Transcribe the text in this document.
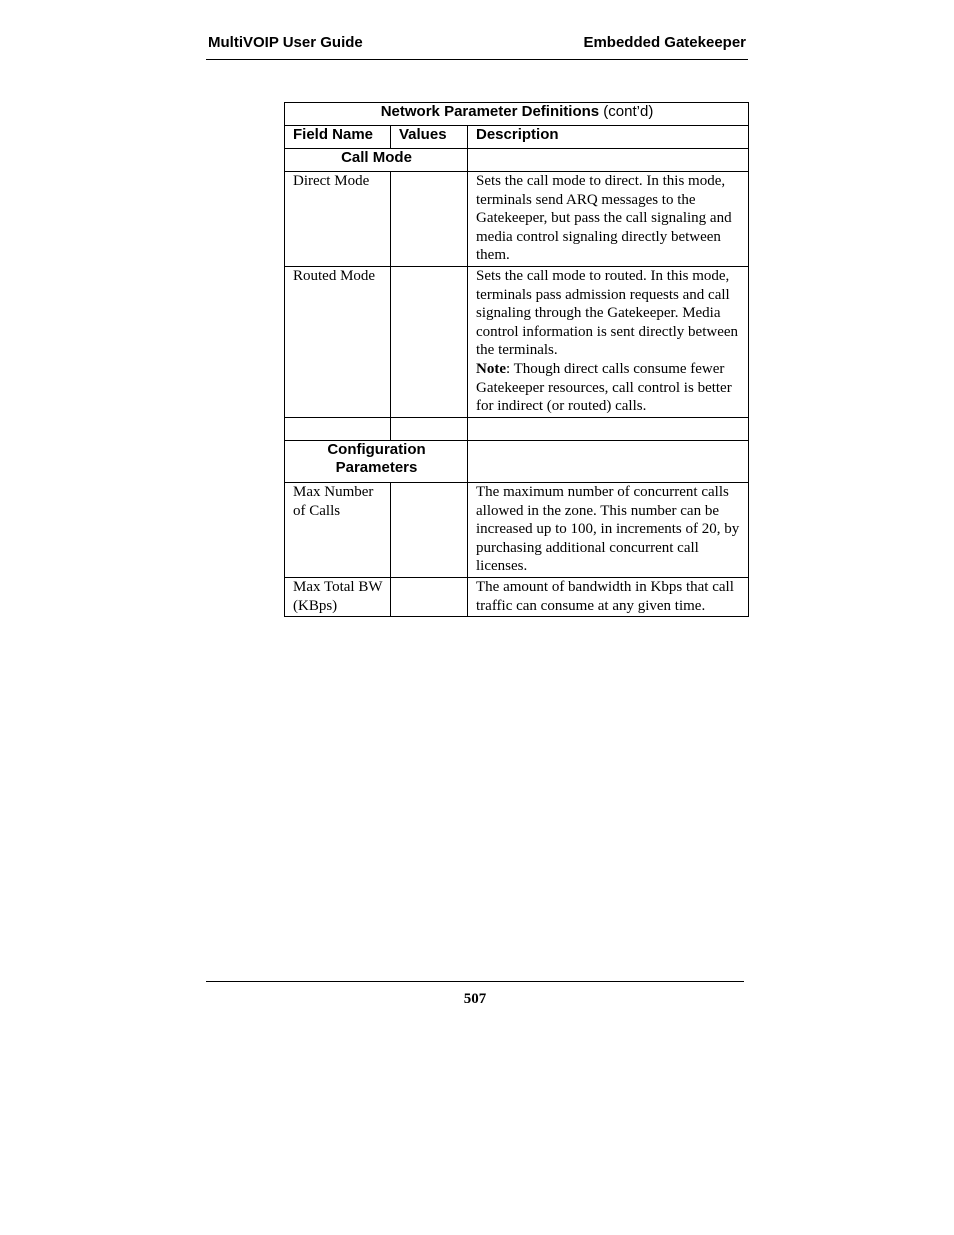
MultiVOIP User Guide	Embedded Gatekeeper
Network Parameter Definitions (cont’d)		
Field Name	Values	Description
Call Mode		
Direct Mode		Sets the call mode to direct. In this mode, terminals send ARQ messages to the Gatekeeper, but pass the call signaling and media control signaling directly between them.
Routed Mode		Sets the call mode to routed. In this mode, terminals pass admission requests and call signaling through the Gatekeeper. Media control information is sent directly between the terminals.
Note: Though direct calls consume fewer Gatekeeper resources, call control is better for indirect (or routed) calls.

Configuration
Parameters		
Max Number of Calls		The maximum number of concurrent calls allowed in the zone. This number can be increased up to 100, in increments of 20, by purchasing additional concurrent call licenses.
Max Total BW (KBps)		The amount of bandwidth in Kbps that call traffic can consume at any given time.
507
